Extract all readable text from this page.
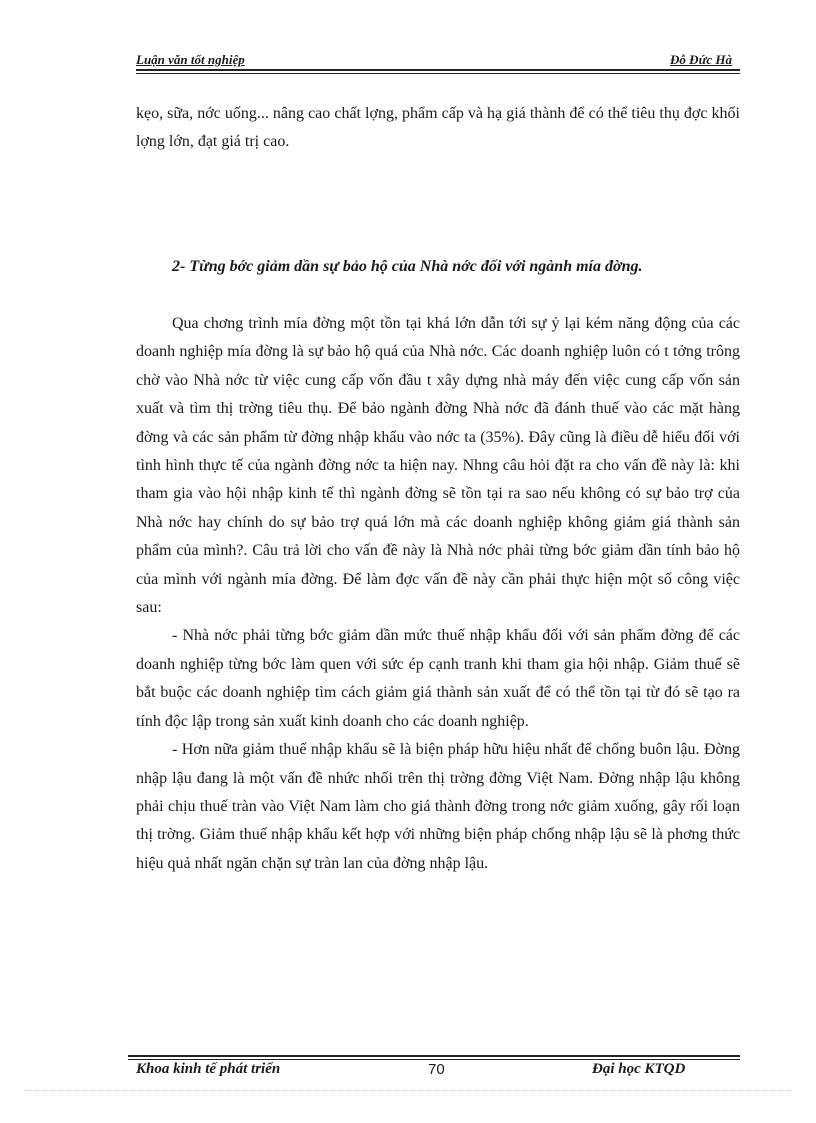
Luận văn tốt nghiệp	Đỗ Đức Hà
kẹo, sữa, nớc uống... nâng cao chất lợng, phẩm cấp và hạ giá thành để có thể tiêu thụ đợc khối lợng lớn, đạt giá trị cao.
2- Từng bớc giảm dần sự bảo hộ của Nhà nớc đối với ngành mía đờng.

Qua chơng trình mía đờng một tồn tại khá lớn dẫn tới sự ỷ lại kém năng động của các doanh nghiệp mía đờng là sự bảo hộ quá của Nhà nớc. Các doanh nghiệp luôn có t tởng trông chờ vào Nhà nớc từ việc cung cấp vốn đầu t xây dựng nhà máy đến việc cung cấp vốn sản xuất và tìm thị trờng tiêu thụ. Để bảo ngành đờng Nhà nớc đã đánh thuế vào các mặt hàng đờng và các sản phẩm từ đờng nhập khẩu vào nớc ta (35%). Đây cũng là điều dễ hiểu đối với tình hình thực tế của ngành đờng nớc ta hiện nay. Nhng câu hỏi đặt ra cho vấn đề này là: khi tham gia vào hội nhập kinh tế thì ngành đờng sẽ tồn tại ra sao nếu không có sự bảo trợ của Nhà nớc hay chính do sự bảo trợ quá lớn mà các doanh nghiệp không giảm giá thành sản phẩm của mình?. Câu trả lời cho vấn đề này là Nhà nớc phải từng bớc giảm dần tính bảo hộ của mình với ngành mía đờng. Để làm đợc vấn đề này cần phải thực hiện một số công việc sau:

- Nhà nớc phải từng bớc giảm dần mức thuế nhập khẩu đối với sản phẩm đờng để các doanh nghiệp từng bớc làm quen với sức ép cạnh tranh khi tham gia hội nhập. Giảm thuế sẽ bắt buộc các doanh nghiệp tìm cách giảm giá thành sản xuất để có thể tồn tại từ đó sẽ tạo ra tính độc lập trong sản xuất kinh doanh cho các doanh nghiệp.

- Hơn nữa giảm thuế nhập khẩu sẽ là biện pháp hữu hiệu nhất để chống buôn lậu. Đờng nhập lậu đang là một vấn đề nhức nhối trên thị trờng đờng Việt Nam. Đờng nhập lậu không phải chịu thuế tràn vào Việt Nam làm cho giá thành đờng trong nớc giảm xuống, gây rối loạn thị trờng. Giảm thuế nhập khẩu kết hợp với những biện pháp chống nhập lậu sẽ là phơng thức hiệu quả nhất ngăn chặn sự tràn lan của đờng nhập lậu.

Khoa kinh tế phát triển	70	Đại học KTQD
